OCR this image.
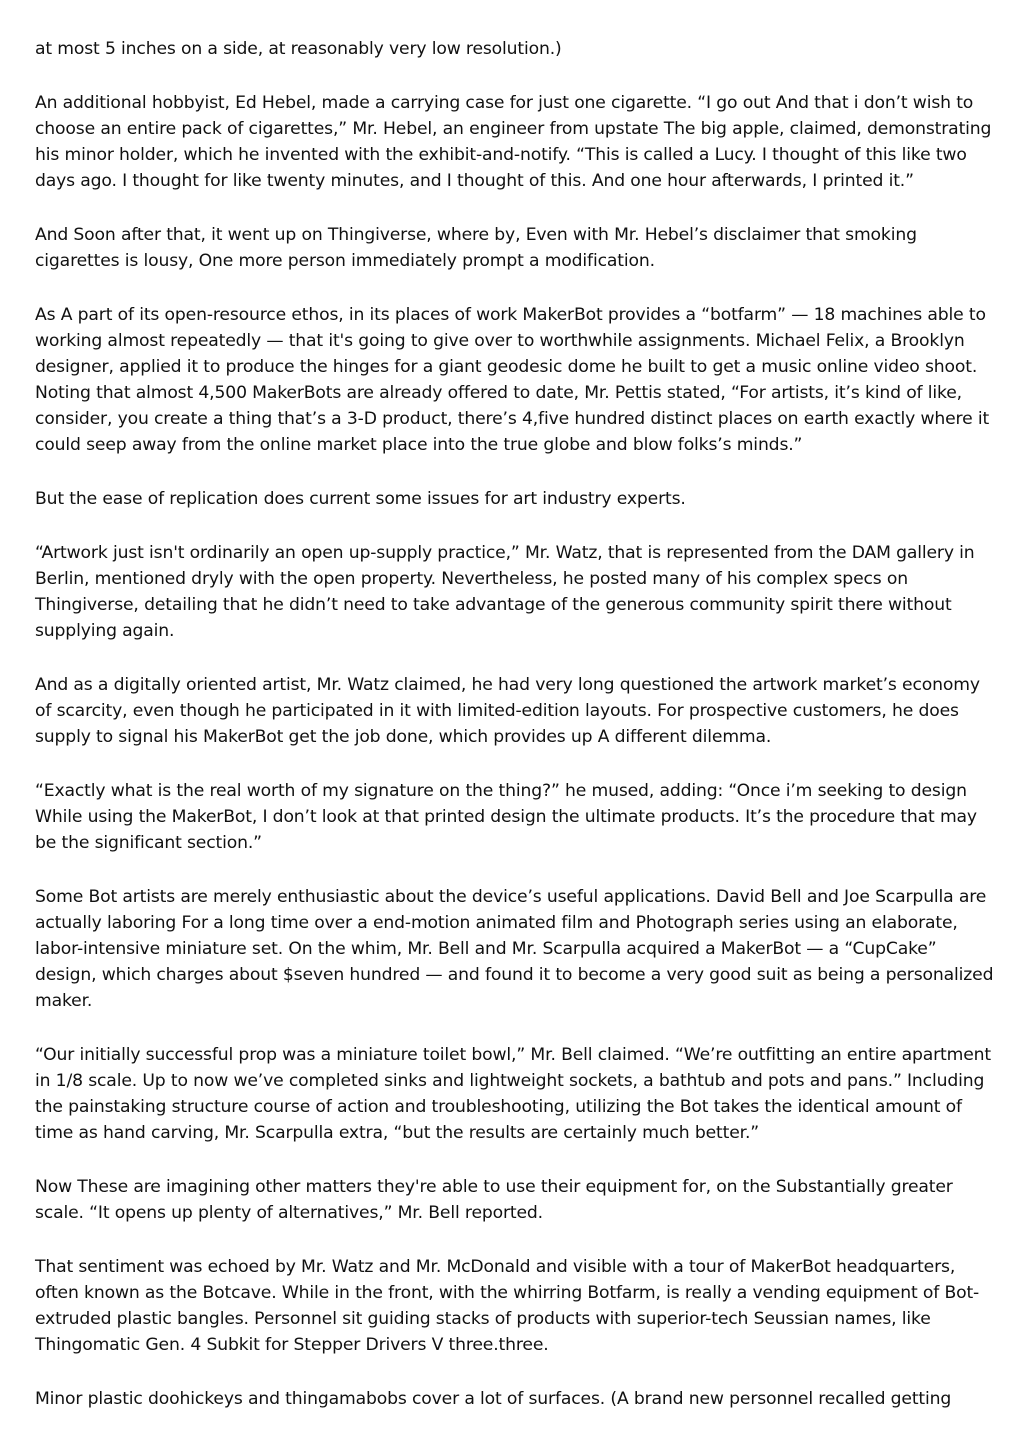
at most 5 inches on a side, at reasonably very low resolution.)

An additional hobbyist, Ed Hebel, made a carrying case for just one cigarette. “I go out And that i don’t wish to choose an entire pack of cigarettes,” Mr. Hebel, an engineer from upstate The big apple, claimed, demonstrating his minor holder, which he invented with the exhibit-and-notify. “This is called a Lucy. I thought of this like two days ago. I thought for like twenty minutes, and I thought of this. And one hour afterwards, I printed it.”

And Soon after that, it went up on Thingiverse, where by, Even with Mr. Hebel’s disclaimer that smoking cigarettes is lousy, One more person immediately prompt a modification.

As A part of its open-resource ethos, in its places of work MakerBot provides a “botfarm” — 18 machines able to working almost repeatedly — that it's going to give over to worthwhile assignments. Michael Felix, a Brooklyn designer, applied it to produce the hinges for a giant geodesic dome he built to get a music online video shoot. Noting that almost 4,500 MakerBots are already offered to date, Mr. Pettis stated, “For artists, it’s kind of like, consider, you create a thing that’s a 3-D product, there’s 4,five hundred distinct places on earth exactly where it could seep away from the online market place into the true globe and blow folks’s minds.”

But the ease of replication does current some issues for art industry experts.

“Artwork just isn't ordinarily an open up-supply practice,” Mr. Watz, that is represented from the DAM gallery in Berlin, mentioned dryly with the open property. Nevertheless, he posted many of his complex specs on Thingiverse, detailing that he didn’t need to take advantage of the generous community spirit there without supplying again.

And as a digitally oriented artist, Mr. Watz claimed, he had very long questioned the artwork market’s economy of scarcity, even though he participated in it with limited-edition layouts. For prospective customers, he does supply to signal his MakerBot get the job done, which provides up A different dilemma.

“Exactly what is the real worth of my signature on the thing?” he mused, adding: “Once i’m seeking to design While using the MakerBot, I don’t look at that printed design the ultimate products. It’s the procedure that may be the significant section.”

Some Bot artists are merely enthusiastic about the device’s useful applications. David Bell and Joe Scarpulla are actually laboring For a long time over a end-motion animated film and Photograph series using an elaborate, labor-intensive miniature set. On the whim, Mr. Bell and Mr. Scarpulla acquired a MakerBot — a “CupCake” design, which charges about $seven hundred — and found it to become a very good suit as being a personalized maker.

“Our initially successful prop was a miniature toilet bowl,” Mr. Bell claimed. “We’re outfitting an entire apartment in 1/8 scale. Up to now we’ve completed sinks and lightweight sockets, a bathtub and pots and pans.” Including the painstaking structure course of action and troubleshooting, utilizing the Bot takes the identical amount of time as hand carving, Mr. Scarpulla extra, “but the results are certainly much better.”

Now These are imagining other matters they're able to use their equipment for, on the Substantially greater scale. “It opens up plenty of alternatives,” Mr. Bell reported.

That sentiment was echoed by Mr. Watz and Mr. McDonald and visible with a tour of MakerBot headquarters, often known as the Botcave. While in the front, with the whirring Botfarm, is really a vending equipment of Bot-extruded plastic bangles. Personnel sit guiding stacks of products with superior-tech Seussian names, like Thingomatic Gen. 4 Subkit for Stepper Drivers V three.three.

Minor plastic doohickeys and thingamabobs cover a lot of surfaces. (A brand new personnel recalled getting
